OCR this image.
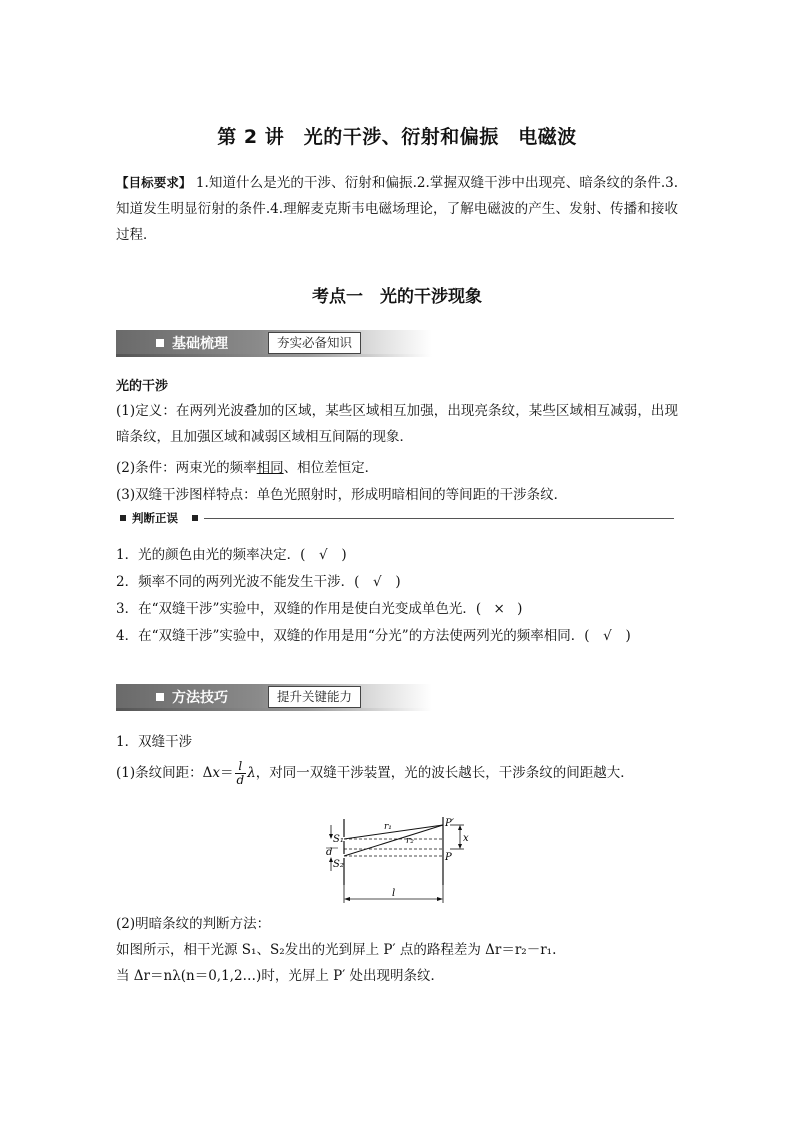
第 2 讲　光的干涉、衍射和偏振　电磁波
【目标要求】 1.知道什么是光的干涉、衍射和偏振.2.掌握双缝干涉中出现亮、暗条纹的条件.3.知道发生明显衍射的条件.4.理解麦克斯韦电磁场理论，了解电磁波的产生、发射、传播和接收过程．
考点一　光的干涉现象
基础梳理	夯实必备知识
光的干涉
(1)定义：在两列光波叠加的区域，某些区域相互加强，出现亮条纹，某些区域相互减弱，出现暗条纹，且加强区域和减弱区域相互间隔的现象．
(2)条件：两束光的频率相同、相位差恒定．
(3)双缝干涉图样特点：单色光照射时，形成明暗相间的等间距的干涉条纹．
判断正误
1．光的颜色由光的频率决定．( √ )
2．频率不同的两列光波不能发生干涉．( √ )
3．在“双缝干涉”实验中，双缝的作用是使白光变成单色光．( × )
4．在“双缝干涉”实验中，双缝的作用是用“分光”的方法使两列光的频率相同．( √ )
方法技巧	提升关键能力
1．双缝干涉
(1)条纹间距：$\Delta x= \frac{l}{d}$ λ，对同一双缝干涉装置，光的波长越长，干涉条纹的间距越大．
S₁
S₂
d
r₁
r₂
P′
P
x
l
(2)明暗条纹的判断方法：
如图所示，相干光源 S₁、S₂发出的光到屏上 P′ 点的路程差为 Δr＝r₂－r₁.
当 Δr＝nλ(n＝0,1,2…)时，光屏上 P′ 处出现明条纹．
